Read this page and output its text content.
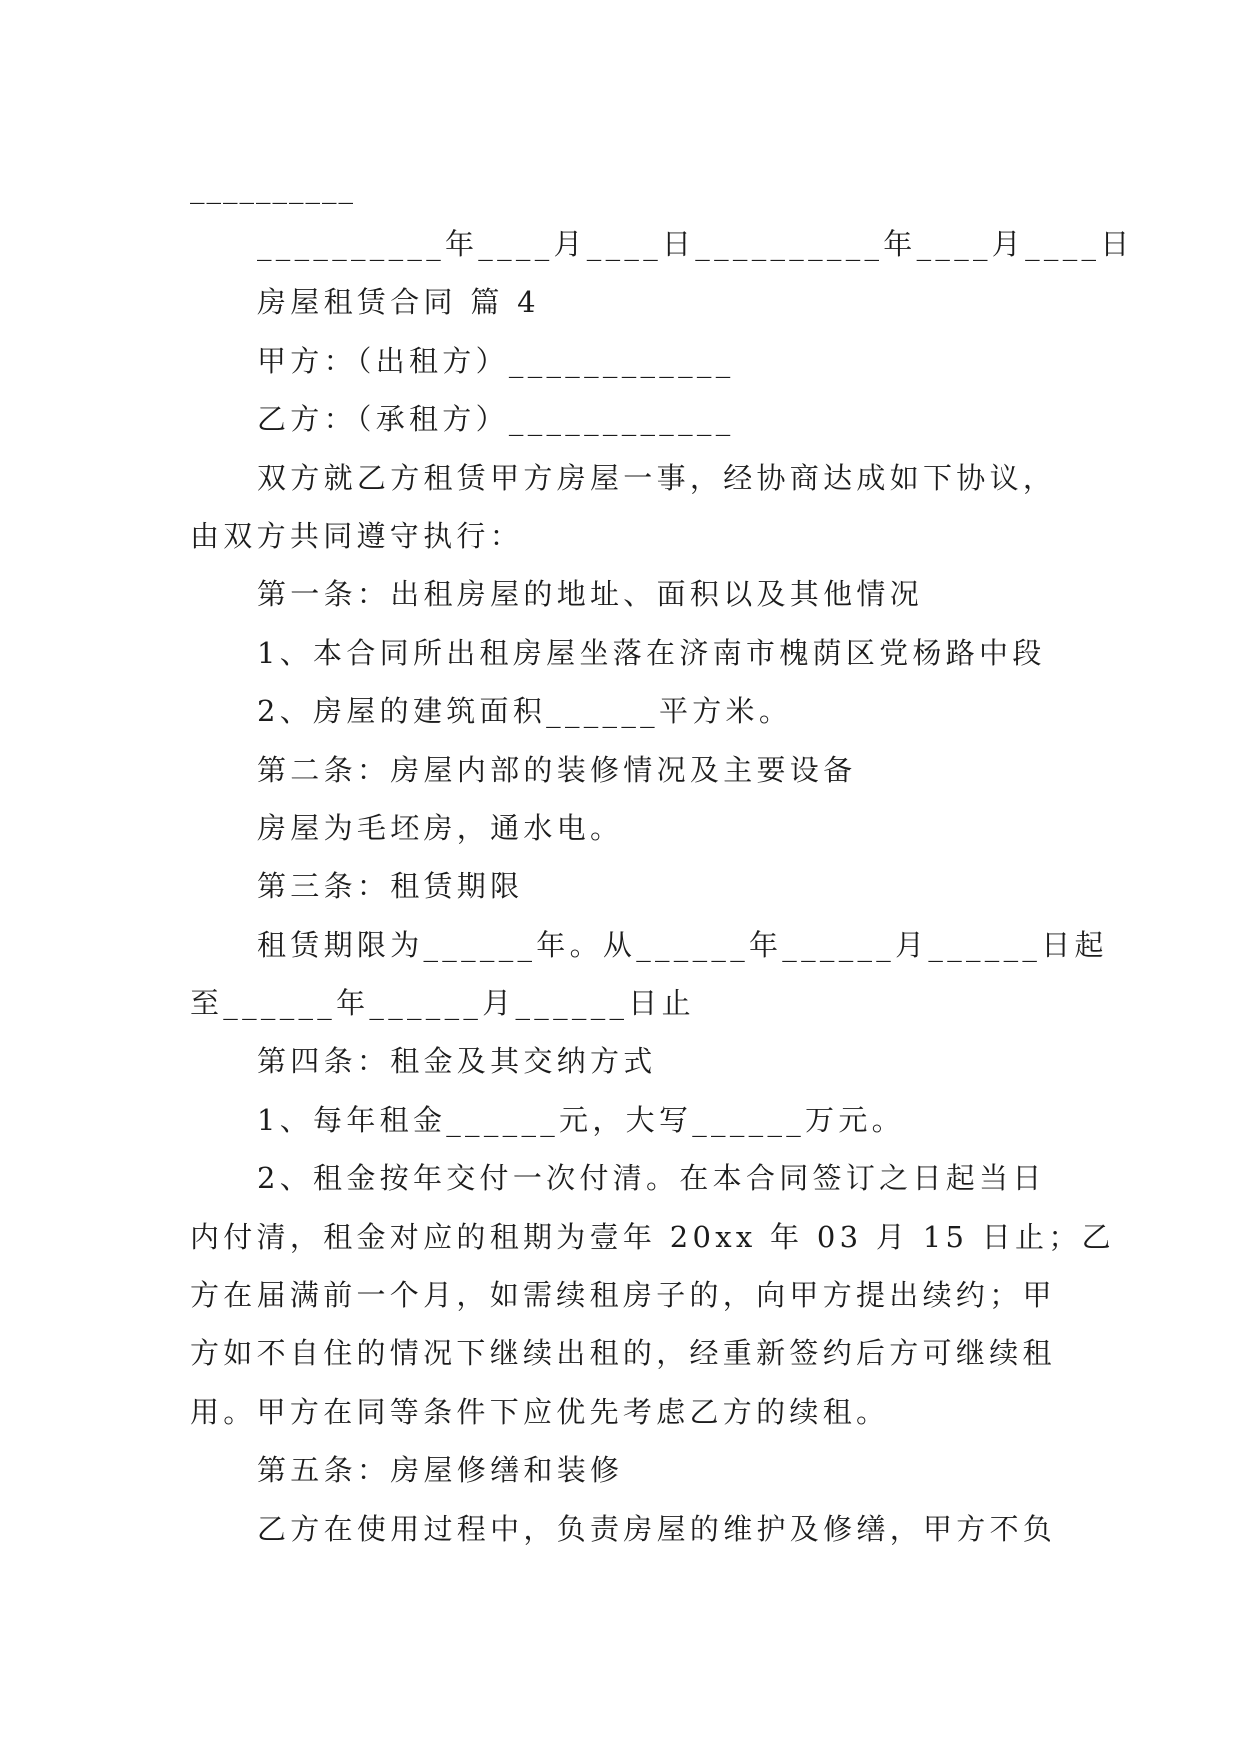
__________
__________年____月____日__________年____月____日
房屋租赁合同 篇 4
甲方：（出租方）____________
乙方：（承租方）____________
双方就乙方租赁甲方房屋一事，经协商达成如下协议，
由双方共同遵守执行：
第一条：出租房屋的地址、面积以及其他情况
1、本合同所出租房屋坐落在济南市槐荫区党杨路中段
2、房屋的建筑面积______平方米。
第二条：房屋内部的装修情况及主要设备
房屋为毛坯房，通水电。
第三条：租赁期限
租赁期限为______年。从______年______月______日起
至______年______月______日止
第四条：租金及其交纳方式
1、每年租金______元，大写______万元。
2、租金按年交付一次付清。在本合同签订之日起当日
内付清，租金对应的租期为壹年 20xx 年 03 月 15 日止；乙
方在届满前一个月，如需续租房子的，向甲方提出续约；甲
方如不自住的情况下继续出租的，经重新签约后方可继续租
用。甲方在同等条件下应优先考虑乙方的续租。
第五条：房屋修缮和装修
乙方在使用过程中，负责房屋的维护及修缮，甲方不负
